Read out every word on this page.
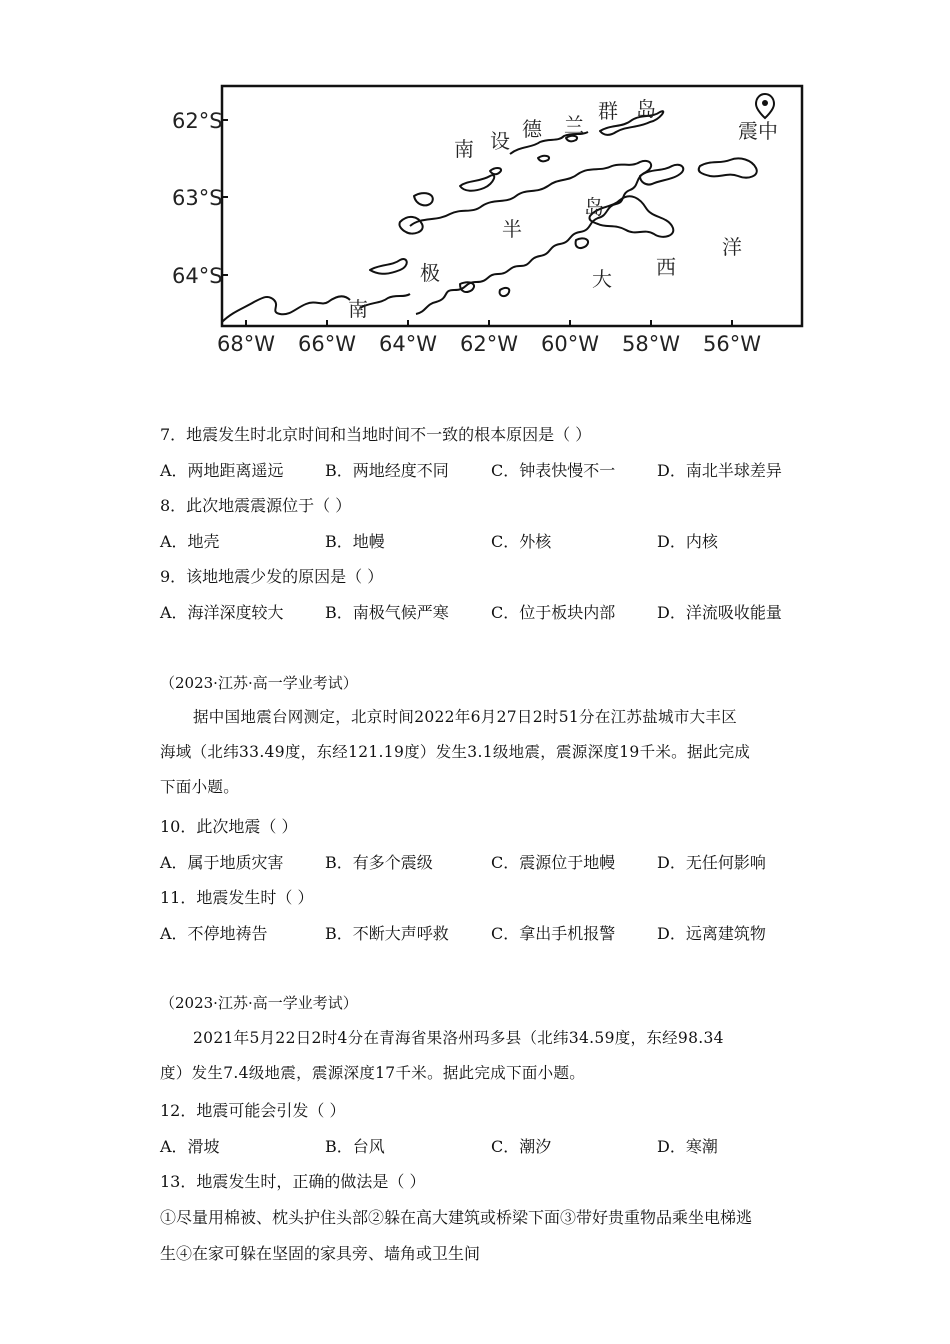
62°S
63°S
64°S
68°W 66°W 64°W 62°W 60°W 58°W 56°W
南 设 德 兰
群 岛
震中
南
极
半
岛
大 西
洋
7．地震发生时北京时间和当地时间不一致的根本原因是（ ）
A．两地距离遥远	B．两地经度不同	C．钟表快慢不一	D．南北半球差异
8．此次地震震源位于（ ）
A．地壳	B．地幔	C．外核	D．内核
9．该地地震少发的原因是（ ）
A．海洋深度较大	B．南极气候严寒	C．位于板块内部	D．洋流吸收能量
（2023·江苏·高一学业考试）

据中国地震台网测定，北京时间2022年6月27日2时51分在江苏盐城市大丰区

海域（北纬33.49度，东经121.19度）发生3.1级地震，震源深度19千米。据此完成

下面小题。

10．此次地震（ ）
A．属于地质灾害	B．有多个震级	C．震源位于地幔	D．无任何影响
11．地震发生时（ ）
A．不停地祷告	B．不断大声呼救	C．拿出手机报警	D．远离建筑物
（2023·江苏·高一学业考试）

2021年5月22日2时4分在青海省果洛州玛多县（北纬34.59度，东经98.34

度）发生7.4级地震，震源深度17千米。据此完成下面小题。

12．地震可能会引发（ ）
A．滑坡	B．台风	C．潮汐	D．寒潮
13．地震发生时，正确的做法是（ ）
①尽量用棉被、枕头护住头部②躲在高大建筑或桥梁下面③带好贵重物品乘坐电梯逃
生④在家可躲在坚固的家具旁、墙角或卫生间
